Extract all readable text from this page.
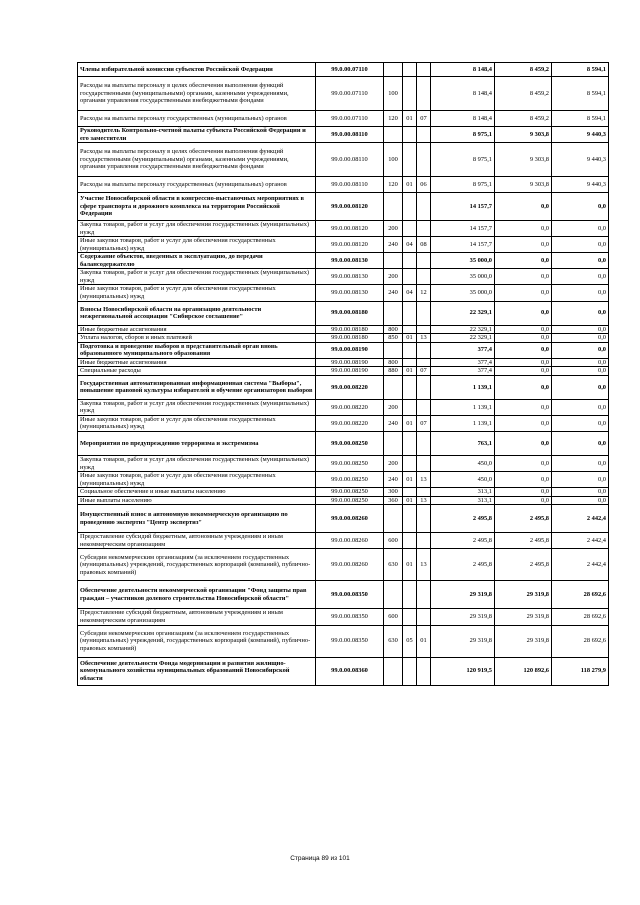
Члены избирательной комиссии субъектов Российской Федерации	99.0.00.07110				8 148,4	8 459,2	8 594,1
Расходы на выплаты персоналу в целях обеспечения выполнения функций государственными (муниципальными) органами, казенными учреждениями, органами управления государственными внебюджетными фондами	99.0.00.07110	100			8 148,4	8 459,2	8 594,1
Расходы на выплаты персоналу государственных (муниципальных) органов	99.0.00.07110	120	01	07	8 148,4	8 459,2	8 594,1
Руководитель Контрольно-счетной палаты субъекта Российской Федерации и его заместители	99.0.00.08110				8 975,1	9 303,8	9 440,3
Расходы на выплаты персоналу в целях обеспечения выполнения функций государственными (муниципальными) органами, казенными учреждениями, органами управления государственными внебюджетными фондами	99.0.00.08110	100			8 975,1	9 303,8	9 440,3
Расходы на выплаты персоналу государственных (муниципальных) органов	99.0.00.08110	120	01	06	8 975,1	9 303,8	9 440,3
Участие Новосибирской области в конгрессно-выставочных мероприятиях в сфере транспорта и дорожного комплекса на территории Российской Федерации	99.0.00.08120				14 157,7	0,0	0,0
Закупка товаров, работ и услуг для обеспечения государственных (муниципальных) нужд	99.0.00.08120	200			14 157,7	0,0	0,0
Иные закупки товаров, работ и услуг для обеспечения государственных (муниципальных) нужд	99.0.00.08120	240	04	08	14 157,7	0,0	0,0
Содержание объектов, введенных в эксплуатацию, до передачи балансодержателю	99.0.00.08130				35 000,0	0,0	0,0
Закупка товаров, работ и услуг для обеспечения государственных (муниципальных) нужд	99.0.00.08130	200			35 000,0	0,0	0,0
Иные закупки товаров, работ и услуг для обеспечения государственных (муниципальных) нужд	99.0.00.08130	240	04	12	35 000,0	0,0	0,0
Взносы Новосибирской области на организацию деятельности межрегиональной ассоциации "Сибирское соглашение"	99.0.00.08180				22 329,1	0,0	0,0
Иные бюджетные ассигнования	99.0.00.08180	800			22 329,1	0,0	0,0
Уплата налогов, сборов и иных платежей	99.0.00.08180	850	01	13	22 329,1	0,0	0,0
Подготовка и проведение выборов в представительный орган вновь образованного муниципального образования	99.0.00.08190				377,4	0,0	0,0
Иные бюджетные ассигнования	99.0.00.08190	800			377,4	0,0	0,0
Специальные расходы	99.0.00.08190	880	01	07	377,4	0,0	0,0
Государственная автоматизированная информационная система "Выборы", повышение правовой культуры избирателей и обучение организаторов выборов	99.0.00.08220				1 139,1	0,0	0,0
Закупка товаров, работ и услуг для обеспечения государственных (муниципальных) нужд	99.0.00.08220	200			1 139,1	0,0	0,0
Иные закупки товаров, работ и услуг для обеспечения государственных (муниципальных) нужд	99.0.00.08220	240	01	07	1 139,1	0,0	0,0
Мероприятия по предупреждению терроризма и экстремизма	99.0.00.08250				763,1	0,0	0,0
Закупка товаров, работ и услуг для обеспечения государственных (муниципальных) нужд	99.0.00.08250	200			450,0	0,0	0,0
Иные закупки товаров, работ и услуг для обеспечения государственных (муниципальных) нужд	99.0.00.08250	240	01	13	450,0	0,0	0,0
Социальное обеспечение и иные выплаты населению	99.0.00.08250	300			313,1	0,0	0,0
Иные выплаты населению	99.0.00.08250	360	01	13	313,1	0,0	0,0
Имущественный взнос в автономную некоммерческую организацию по проведению экспертиз "Центр экспертиз"	99.0.00.08260				2 495,8	2 495,8	2 442,4
Предоставление субсидий бюджетным, автономным учреждениям и иным некоммерческим организациям	99.0.00.08260	600			2 495,8	2 495,8	2 442,4
Субсидии некоммерческим организациям (за исключением государственных (муниципальных) учреждений, государственных корпораций (компаний), публично-правовых компаний)	99.0.00.08260	630	01	13	2 495,8	2 495,8	2 442,4
Обеспечение деятельности некоммерческой организации "Фонд защиты прав граждан – участников долевого строительства Новосибирской области"	99.0.00.08350				29 319,8	29 319,8	28 692,6
Предоставление субсидий бюджетным, автономным учреждениям и иным некоммерческим организациям	99.0.00.08350	600			29 319,8	29 319,8	28 692,6
Субсидии некоммерческим организациям (за исключением государственных (муниципальных) учреждений, государственных корпораций (компаний), публично-правовых компаний)	99.0.00.08350	630	05	01	29 319,8	29 319,8	28 692,6
Обеспечение деятельности Фонда модернизации и развития жилищно-коммунального хозяйства муниципальных образований Новосибирской области	99.0.00.08360				120 919,5	120 892,6	118 279,9
Страница 89 из 101
